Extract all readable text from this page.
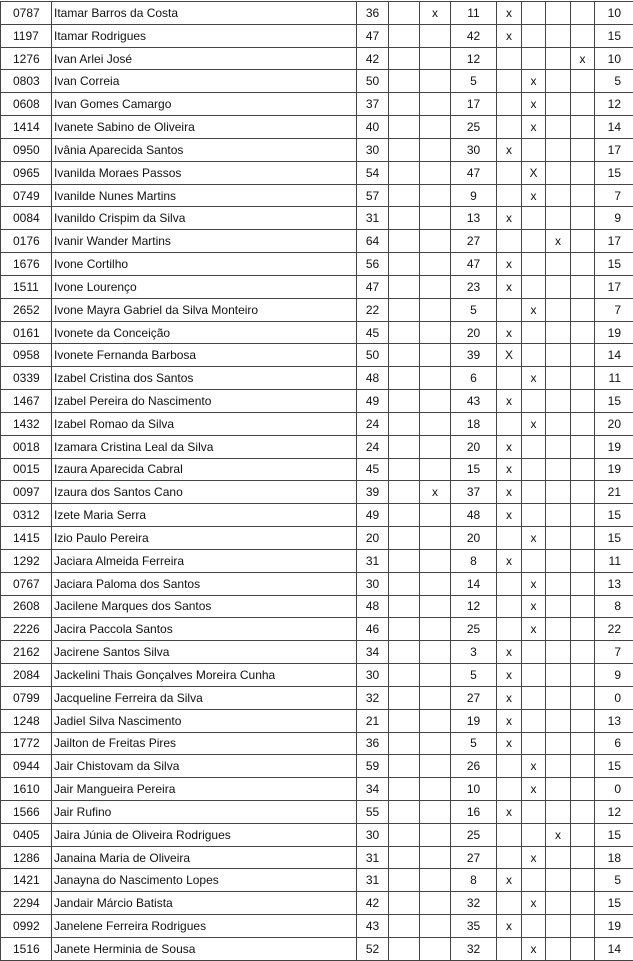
0787	Itamar Barros da Costa	36		x	11	x				10
1197	Itamar Rodrigues	47			42	x				15
1276	Ivan Arlei José	42			12				x	10
0803	Ivan Correia	50			5		x			5
0608	Ivan Gomes Camargo	37			17		x			12
1414	Ivanete Sabino de Oliveira	40			25		x			14
0950	Ivânia Aparecida Santos	30			30	x				17
0965	Ivanilda Moraes Passos	54			47		X			15
0749	Ivanilde Nunes Martins	57			9		x			7
0084	Ivanildo Crispim da Silva	31			13	x				9
0176	Ivanir Wander Martins	64			27			x		17
1676	Ivone Cortilho	56			47	x				15
1511	Ivone Lourenço	47			23	x				17
2652	Ivone Mayra Gabriel da Silva Monteiro	22			5		x			7
0161	Ivonete da Conceição	45			20	x				19
0958	Ivonete Fernanda Barbosa	50			39	X				14
0339	Izabel Cristina dos Santos	48			6		x			11
1467	Izabel Pereira do Nascimento	49			43	x				15
1432	Izabel Romao da Silva	24			18		x			20
0018	Izamara Cristina Leal da Silva	24			20	x				19
0015	Izaura Aparecida Cabral	45			15	x				19
0097	Izaura dos Santos Cano	39		x	37	x				21
0312	Izete Maria Serra	49			48	x				15
1415	Izio Paulo Pereira	20			20		x			15
1292	Jaciara Almeida Ferreira	31			8	x				11
0767	Jaciara Paloma dos Santos	30			14		x			13
2608	Jacilene Marques dos Santos	48			12		x			8
2226	Jacira Paccola Santos	46			25		x			22
2162	Jacirene Santos Silva	34			3	x				7
2084	Jackelini Thais Gonçalves Moreira Cunha	30			5	x				9
0799	Jacqueline Ferreira da Silva	32			27	x				0
1248	Jadiel Silva Nascimento	21			19	x				13
1772	Jailton de Freitas Pires	36			5	x				6
0944	Jair Chistovam da Silva	59			26		x			15
1610	Jair Mangueira Pereira	34			10		x			0
1566	Jair Rufino	55			16	x				12
0405	Jaira Júnia de Oliveira Rodrigues	30			25			x		15
1286	Janaina Maria de Oliveira	31			27		x			18
1421	Janayna do Nascimento Lopes	31			8	x				5
2294	Jandair Márcio Batista	42			32		x			15
0992	Janelene Ferreira Rodrigues	43			35	x				19
1516	Janete Herminia de Sousa	52			32		x			14
